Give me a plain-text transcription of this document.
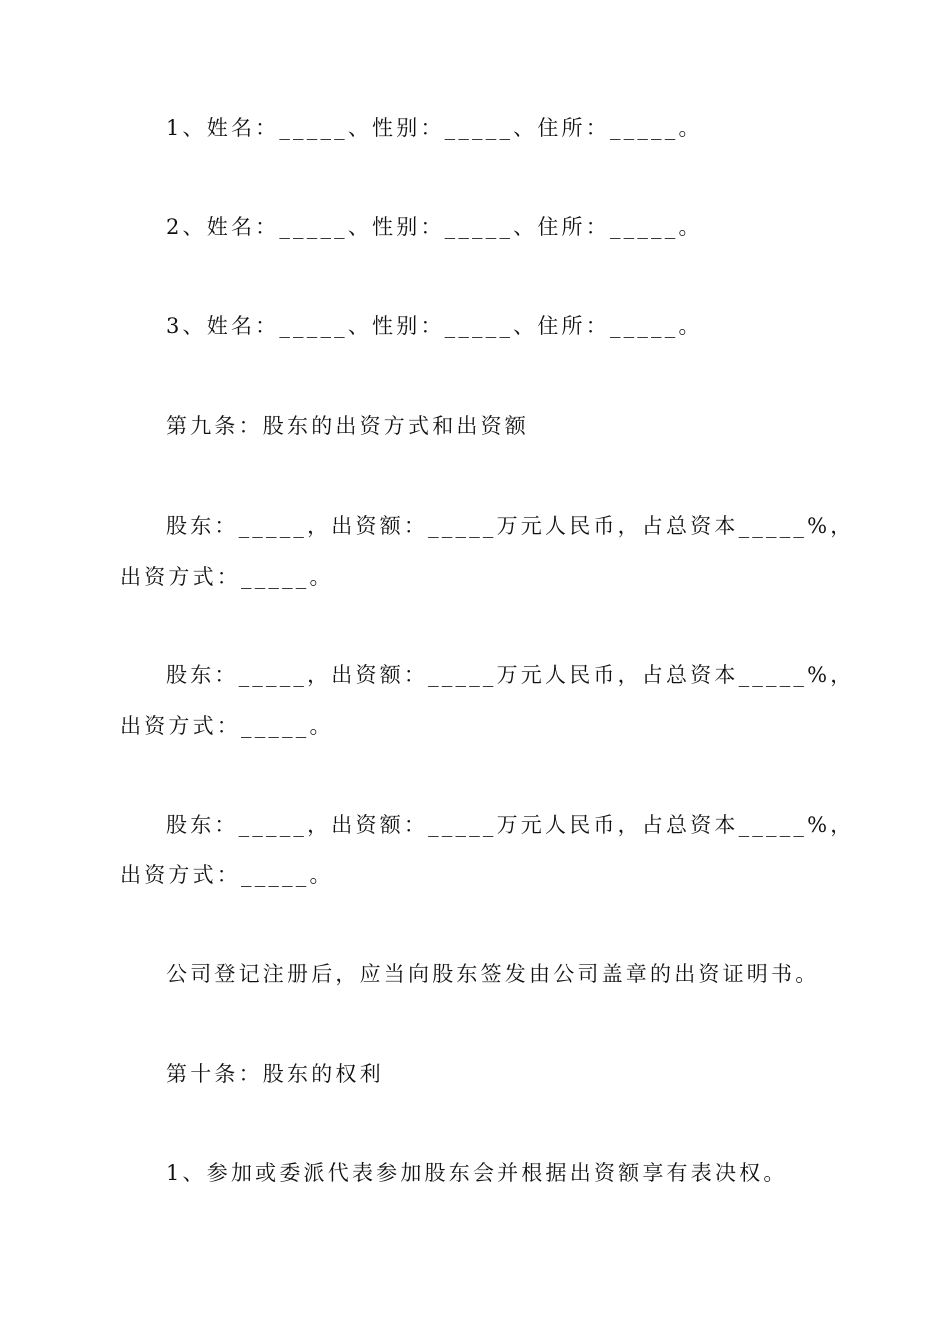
1、姓名：_____、性别：_____、住所：_____。
2、姓名：_____、性别：_____、住所：_____。
3、姓名：_____、性别：_____、住所：_____。
第九条：股东的出资方式和出资额
股东：_____，出资额：_____万元人民币，占总资本_____%，
出资方式：_____。
股东：_____，出资额：_____万元人民币，占总资本_____%，
出资方式：_____。
股东：_____，出资额：_____万元人民币，占总资本_____%，
出资方式：_____。
公司登记注册后，应当向股东签发由公司盖章的出资证明书。
第十条：股东的权利
1、参加或委派代表参加股东会并根据出资额享有表决权。
